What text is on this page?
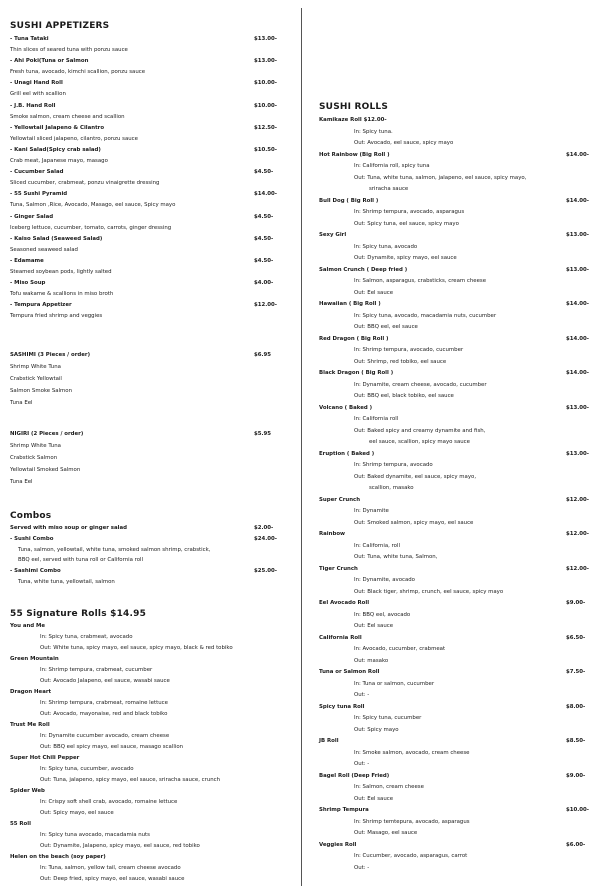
SUSHI APPETIZERS
- Tuna Tataki	$13.00-
Thin slices of seared tuna with ponzu sauce
- Ahi Poki(Tuna or Salmon	$13.00-
Fresh tuna, avocado, kimchi scallion, ponzu sauce
- Unagi Hand Roll	$10.00-
Grill eel with scallion
- J.B. Hand Roll	$10.00-
Smoke salmon, cream cheese and scallion
- Yellowtail Jalapeno & Cilantro	$12.50-
Yellowtail sliced jalapeno, cilantro, ponzu sauce
- Kani Salad(Spicy crab salad)	$10.50-
Crab meat, Japanese mayo, masago
- Cucumber Salad	$4.50-
Sliced cucumber, crabmeat, ponzu vinaigrette dressing
- 55 Sushi Pyramid	$14.00-
Tuna, Salmon ,Rice, Avocado, Masago, eel sauce, Spicy mayo
- Ginger Salad	$4.50-
Iceberg lettuce, cucumber, tomato, carrots, ginger dressing
- Kaiso Salad (Seaweed Salad)	$4.50-
Seasoned seaweed salad
- Edamame	$4.50-
Steamed soybean pods, lightly salted
- Miso Soup	$4.00-
Tofu wakame & scallions in miso broth
- Tempura Appetizer	$12.00-
Tempura fried shrimp and veggies
SASHIMI (3 Pieces / order)	$6.95
Shrimp White Tuna
Crabstick Yellowtail
Salmon Smoke Salmon
Tuna Eel
NIGIRI (2 Pieces / order)	$5.95
Shrimp White Tuna
Crabstick Salmon
Yellowtail Smoked Salmon
Tuna Eel
Combos
Served with miso soup or ginger salad	$2.00-
- Sushi Combo	$24.00-
Tuna, salmon, yellowtail, white tuna, smoked salmon shrimp, crabstick,
BBQ eel, served with tuna roll or California roll
- Sashimi Combo	$25.00-
Tuna, white tuna, yellowtail, salmon
55 Signature Rolls $14.95
You and Me
In: Spicy tuna, crabmeat, avocado
Out: White tuna, spicy mayo, eel sauce, spicy mayo, black & red tobiko
Green Mountain
In: Shrimp tempura, crabmeat, cucumber
Out: Avocado Jalapeno, eel sauce, wasabi sauce
Dragon Heart
In: Shrimp tempura, crabmeat, romaine lettuce
Out: Avocado, mayonaise, red and black tobiko
Trust Me Roll
In: Dynamite cucumber avocado, cream cheese
Out: BBQ eel spicy mayo, eel sauce, masago scallion
Super Hot Chili Pepper
In: Spicy tuna, cucumber, avocado
Out: Tuna, jalapeno, spicy mayo, eel sauce, sriracha sauce, crunch
Spider Web
In: Crispy soft shell crab, avocado, romaine lettuce
Out: Spicy mayo, eel sauce
55 Roll
In: Spicy tuna avocado, macadamia nuts
Out: Dynamite, Jalapeno, spicy mayo, eel sauce, red tobiko
Helen on the beach (soy paper)
In: Tuna, salmon, yellow tail, cream cheese avocado
Out: Deep fried, spicy mayo, eel sauce, wasabi sauce
SUSHI ROLLS
Kamikaze Roll $12.00-
In: Spicy tuna.
Out: Avocado, eel sauce, spicy mayo
Hot Rainbow (Big Roll )	$14.00-
In: California roll, spicy tuna
Out: Tuna, white tuna, salmon, jalapeno, eel sauce, spicy mayo,
sriracha sauce
Bull Dog ( Big Roll )	$14.00-
In: Shrimp tempura, avocado, asparagus
Out: Spicy tuna, eel sauce, spicy mayo
Sexy Girl	$13.00-
In: Spicy tuna, avocado
Out: Dynamite, spicy mayo, eel sauce
Salmon Crunch ( Deep fried )	$13.00-
In: Salmon, asparagus, crabsticks, cream cheese
Out: Eel sauce
Hawaiian ( Big Roll )	$14.00-
In: Spicy tuna, avocado, macadamia nuts, cucumber
Out: BBQ eel, eel sauce
Red Dragon ( Big Roll )	$14.00-
In: Shrimp tempura, avocado, cucumber
Out: Shrimp, red tobiko, eel sauce
Black Dragon ( Big Roll )	$14.00-
In: Dynamite, cream cheese, avocado, cucumber
Out: BBQ eel, black tobiko, eel sauce
Volcano ( Baked )	$13.00-
In: California roll
Out: Baked spicy and creamy dynamite and fish,
eel sauce, scallion, spicy mayo sauce
Eruption ( Baked )	$13.00-
In: Shrimp tempura, avocado
Out: Baked dynamite, eel sauce, spicy mayo,
scallion, masako
Super Crunch	$12.00-
In: Dynamite
Out: Smoked salmon, spicy mayo, eel sauce
Rainbow	$12.00-
In: California, roll
Out: Tuna, white tuna, Salmon,
Tiger Crunch	$12.00-
In: Dynamite, avocado
Out: Black tiger, shrimp, crunch, eel sauce, spicy mayo
Eel Avocado Roll	$9.00-
In: BBQ eel, avocado
Out: Eel sauce
California Roll	$6.50-
In: Avocado, cucumber, crabmeat
Out: masako
Tuna or Salmon Roll	$7.50-
In: Tuna or salmon, cucumber
Out: -
Spicy tuna Roll	$8.00-
In: Spicy tuna, cucumber
Out: Spicy mayo
JB Roll	$8.50-
In: Smoke salmon, avocado, cream cheese
Out: -
Bagel Roll (Deep Fried)	$9.00-
In: Salmon, cream cheese
Out: Eel sauce
Shrimp Tempura	$10.00-
In: Shrimp temtepura, avocado, asparagus
Out: Masago, eel sauce
Veggies Roll	$6.00-
In: Cucumber, avocado, asparagus, carrot
Out: -
